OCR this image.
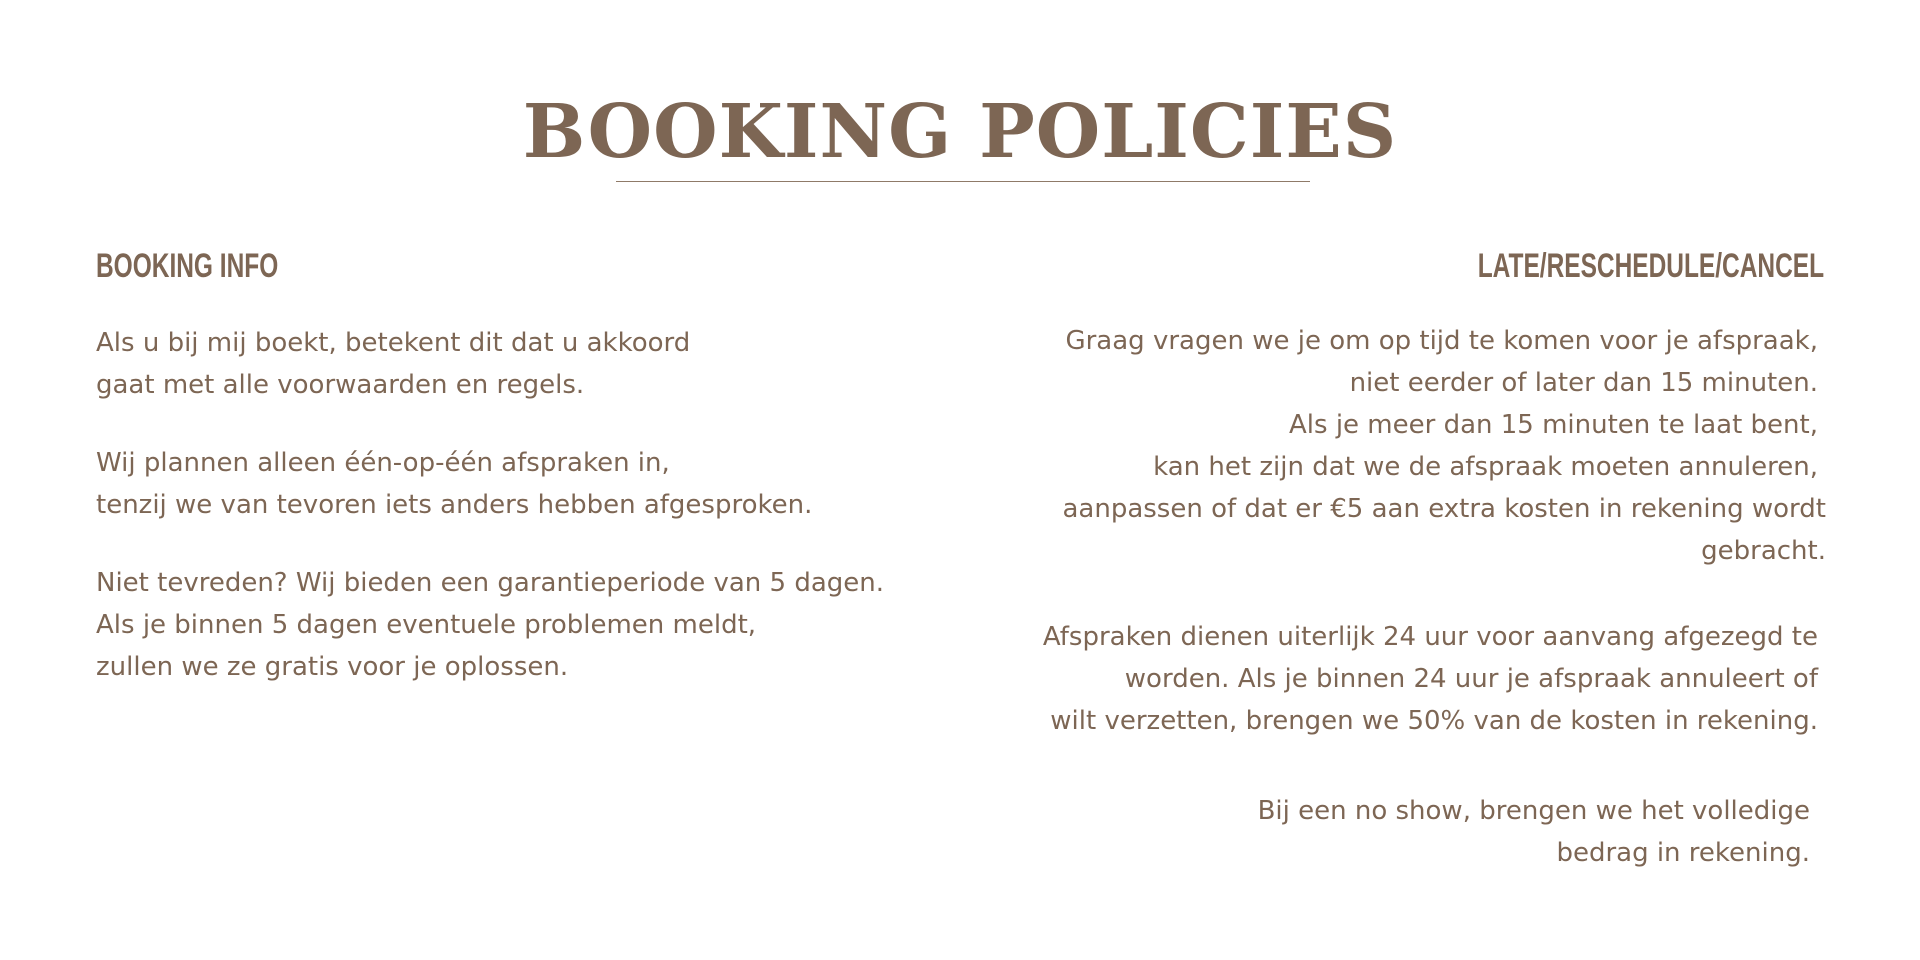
BOOKING POLICIES
BOOKING INFO

Als u bij mij boekt, betekent dit dat u akkoord
gaat met alle voorwaarden en regels.

Wij plannen alleen één-op-één afspraken in,
tenzij we van tevoren iets anders hebben afgesproken.

Niet tevreden? Wij bieden een garantieperiode van 5 dagen.
Als je binnen 5 dagen eventuele problemen meldt,
zullen we ze gratis voor je oplossen.

LATE/RESCHEDULE/CANCEL

Graag vragen we je om op tijd te komen voor je afspraak,
niet eerder of later dan 15 minuten.
Als je meer dan 15 minuten te laat bent,
kan het zijn dat we de afspraak moeten annuleren,
aanpassen of dat er €5 aan extra kosten in rekening wordt
gebracht.

Afspraken dienen uiterlijk 24 uur voor aanvang afgezegd te
worden. Als je binnen 24 uur je afspraak annuleert of
wilt verzetten, brengen we 50% van de kosten in rekening.

Bij een no show, brengen we het volledige
bedrag in rekening.
